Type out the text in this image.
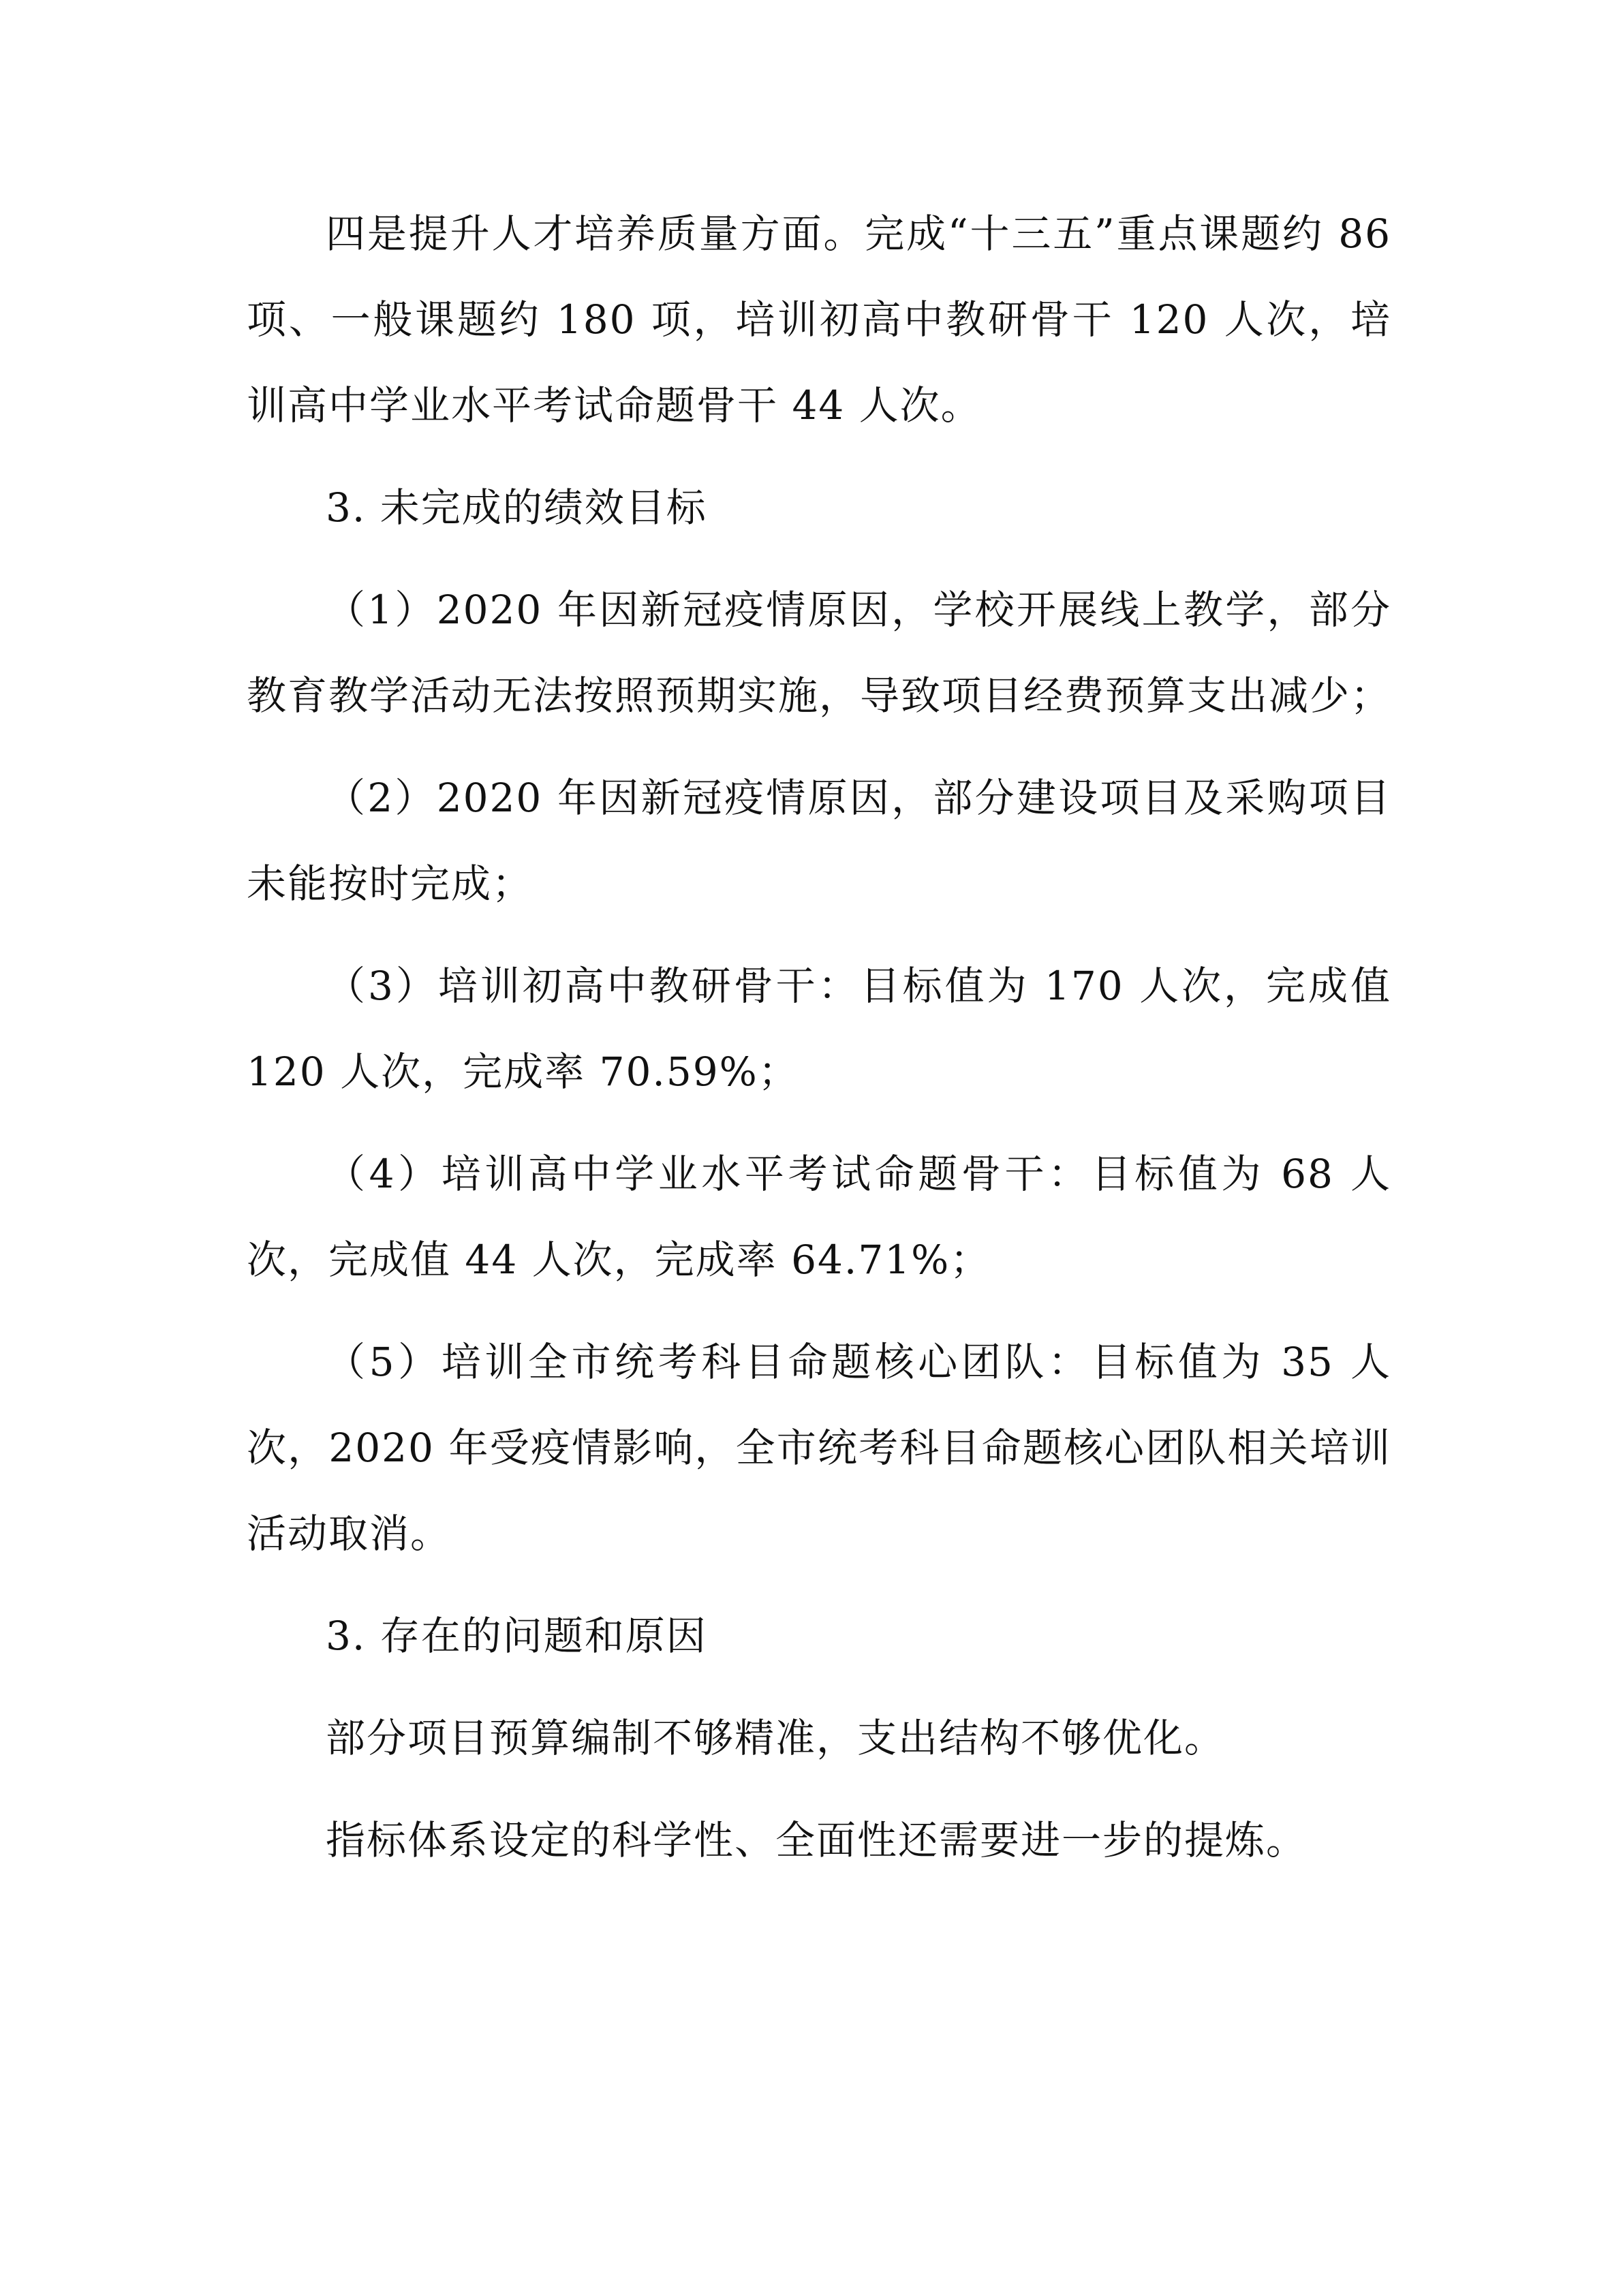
四是提升人才培养质量方面。完成“十三五”重点课题约 86 项、一般课题约 180 项，培训初高中教研骨干 120 人次，培训高中学业水平考试命题骨干 44 人次。

3. 未完成的绩效目标

（1）2020 年因新冠疫情原因，学校开展线上教学，部分教育教学活动无法按照预期实施，导致项目经费预算支出减少；

（2）2020 年因新冠疫情原因，部分建设项目及采购项目未能按时完成；

（3）培训初高中教研骨干：目标值为 170 人次，完成值 120 人次，完成率 70.59%；

（4）培训高中学业水平考试命题骨干：目标值为 68 人次，完成值 44 人次，完成率 64.71%；

（5）培训全市统考科目命题核心团队：目标值为 35 人次，2020 年受疫情影响，全市统考科目命题核心团队相关培训活动取消。

3. 存在的问题和原因

部分项目预算编制不够精准，支出结构不够优化。

指标体系设定的科学性、全面性还需要进一步的提炼。
